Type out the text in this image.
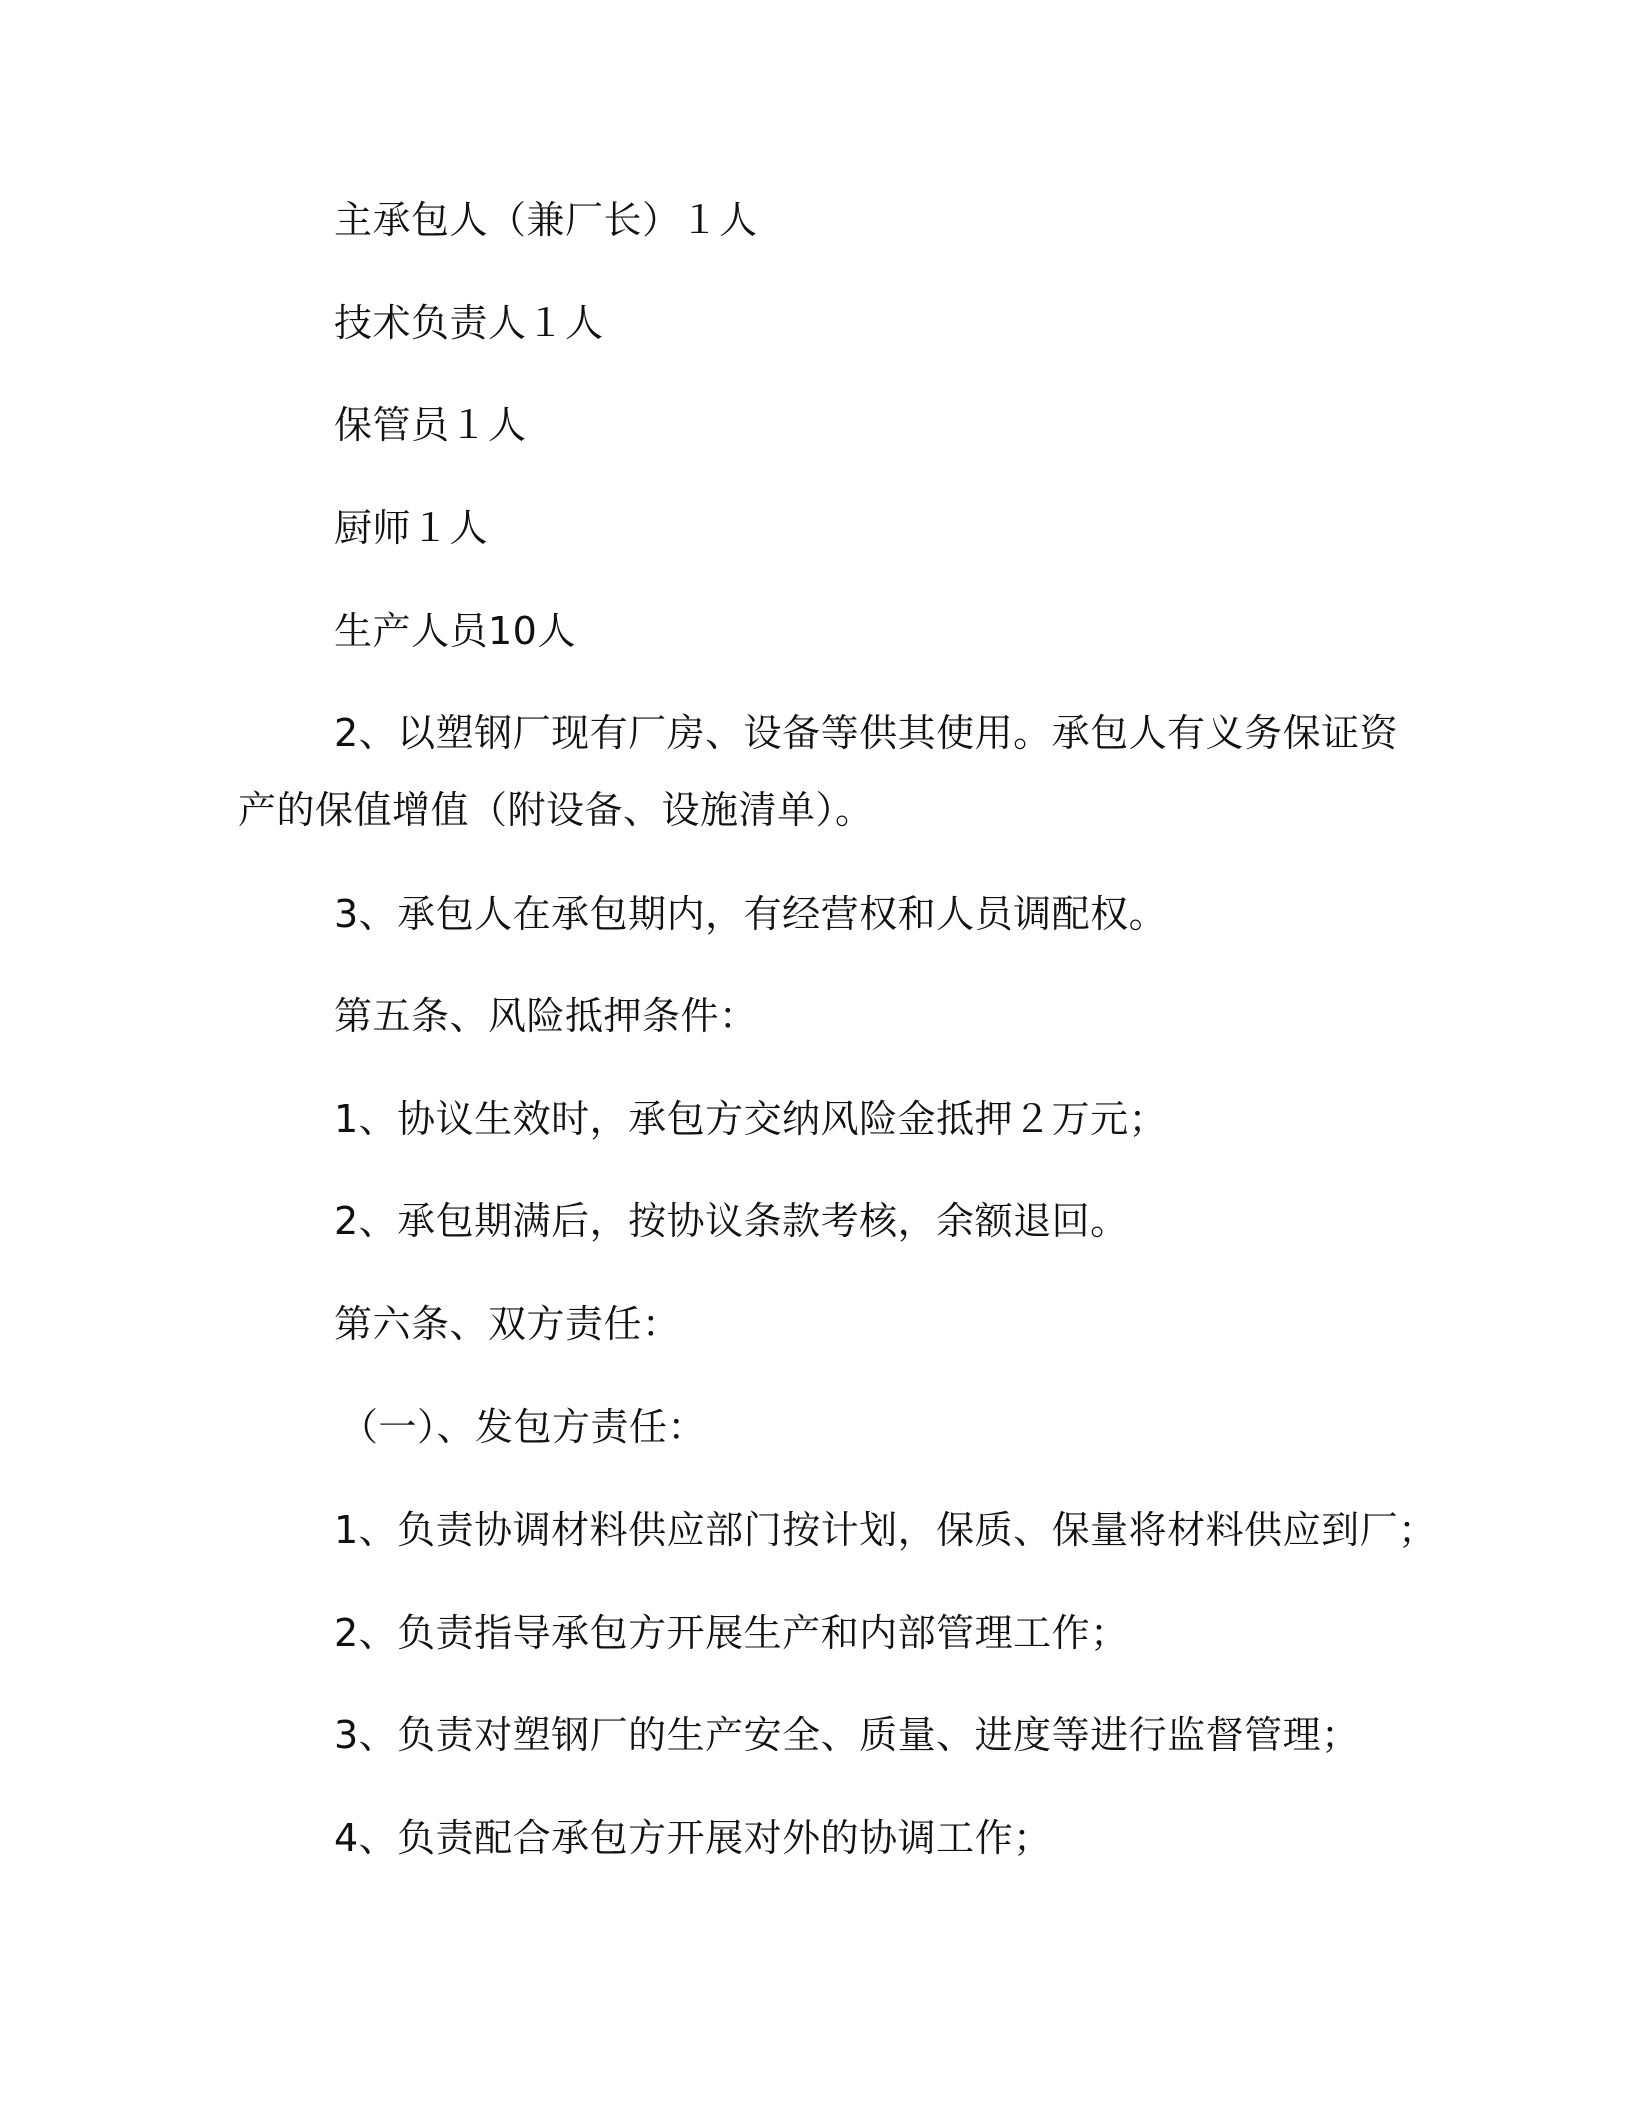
主承包人（兼厂长）１人

技术负责人１人

保管员１人

厨师１人

生产人员10人

2、以塑钢厂现有厂房、设备等供其使用。承包人有义务保证资

产的保值增值（附设备、设施清单）。

3、承包人在承包期内，有经营权和人员调配权。

第五条、风险抵押条件：

1、协议生效时，承包方交纳风险金抵押２万元；

2、承包期满后，按协议条款考核，余额退回。

第六条、双方责任：

（一）、发包方责任：

1、负责协调材料供应部门按计划，保质、保量将材料供应到厂；

2、负责指导承包方开展生产和内部管理工作；

3、负责对塑钢厂的生产安全、质量、进度等进行监督管理；

4、负责配合承包方开展对外的协调工作；
